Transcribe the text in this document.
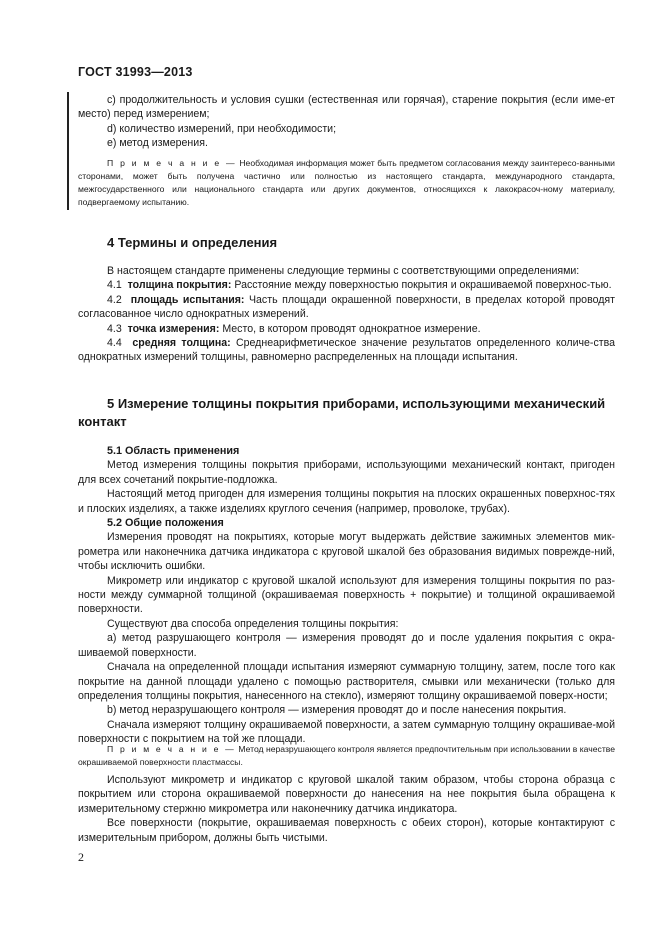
ГОСТ 31993—2013

c) продолжительность и условия сушки (естественная или горячая), старение покрытия (если име-ет место) перед измерением;

d) количество измерений, при необходимости;

e) метод измерения.

П р и м е ч а н и е — Необходимая информация может быть предметом согласования между заинтересо-ванными сторонами, может быть получена частично или полностью из настоящего стандарта, международного стандарта, межгосударственного или национального стандарта или других документов, относящихся к лакокрасоч-ному материалу, подвергаемому испытанию.

4 Термины и определения

В настоящем стандарте применены следующие термины с соответствующими определениями:

4.1 толщина покрытия: Расстояние между поверхностью покрытия и окрашиваемой поверхнос-тью.

4.2 площадь испытания: Часть площади окрашенной поверхности, в пределах которой проводят согласованное число однократных измерений.

4.3 точка измерения: Место, в котором проводят однократное измерение.

4.4 средняя толщина: Среднеарифметическое значение результатов определенного количе-ства однократных измерений толщины, равномерно распределенных на площади испытания.

5 Измерение толщины покрытия приборами, использующими механический контакт

5.1 Область применения

Метод измерения толщины покрытия приборами, использующими механический контакт, пригоден для всех сочетаний покрытие-подложка.

Настоящий метод пригоден для измерения толщины покрытия на плоских окрашенных поверхнос-тях и плоских изделиях, а также изделиях круглого сечения (например, проволоке, трубах).

5.2 Общие положения

Измерения проводят на покрытиях, которые могут выдержать действие зажимных элементов мик-рометра или наконечника датчика индикатора с круговой шкалой без образования видимых поврежде-ний, чтобы исключить ошибки.

Микрометр или индикатор с круговой шкалой используют для измерения толщины покрытия по раз-ности между суммарной толщиной (окрашиваемая поверхность + покрытие) и толщиной окрашиваемой поверхности.

Существуют два способа определения толщины покрытия:

a) метод разрушающего контроля — измерения проводят до и после удаления покрытия с окра-шиваемой поверхности.

Сначала на определенной площади испытания измеряют суммарную толщину, затем, после того как покрытие на данной площади удалено с помощью растворителя, смывки или механически (только для определения толщины покрытия, нанесенного на стекло), измеряют толщину окрашиваемой поверх-ности;

b) метод неразрушающего контроля — измерения проводят до и после нанесения покрытия.

Сначала измеряют толщину окрашиваемой поверхности, а затем суммарную толщину окрашивае-мой поверхности с покрытием на той же площади.

П р и м е ч а н и е — Метод неразрушающего контроля является предпочтительным при использовании в качестве окрашиваемой поверхности пластмассы.

Используют микрометр и индикатор с круговой шкалой таким образом, чтобы сторона образца с покрытием или сторона окрашиваемой поверхности до нанесения на нее покрытия была обращена к измерительному стержню микрометра или наконечнику датчика индикатора.

Все поверхности (покрытие, окрашиваемая поверхность с обеих сторон), которые контактируют с измерительным прибором, должны быть чистыми.

2
